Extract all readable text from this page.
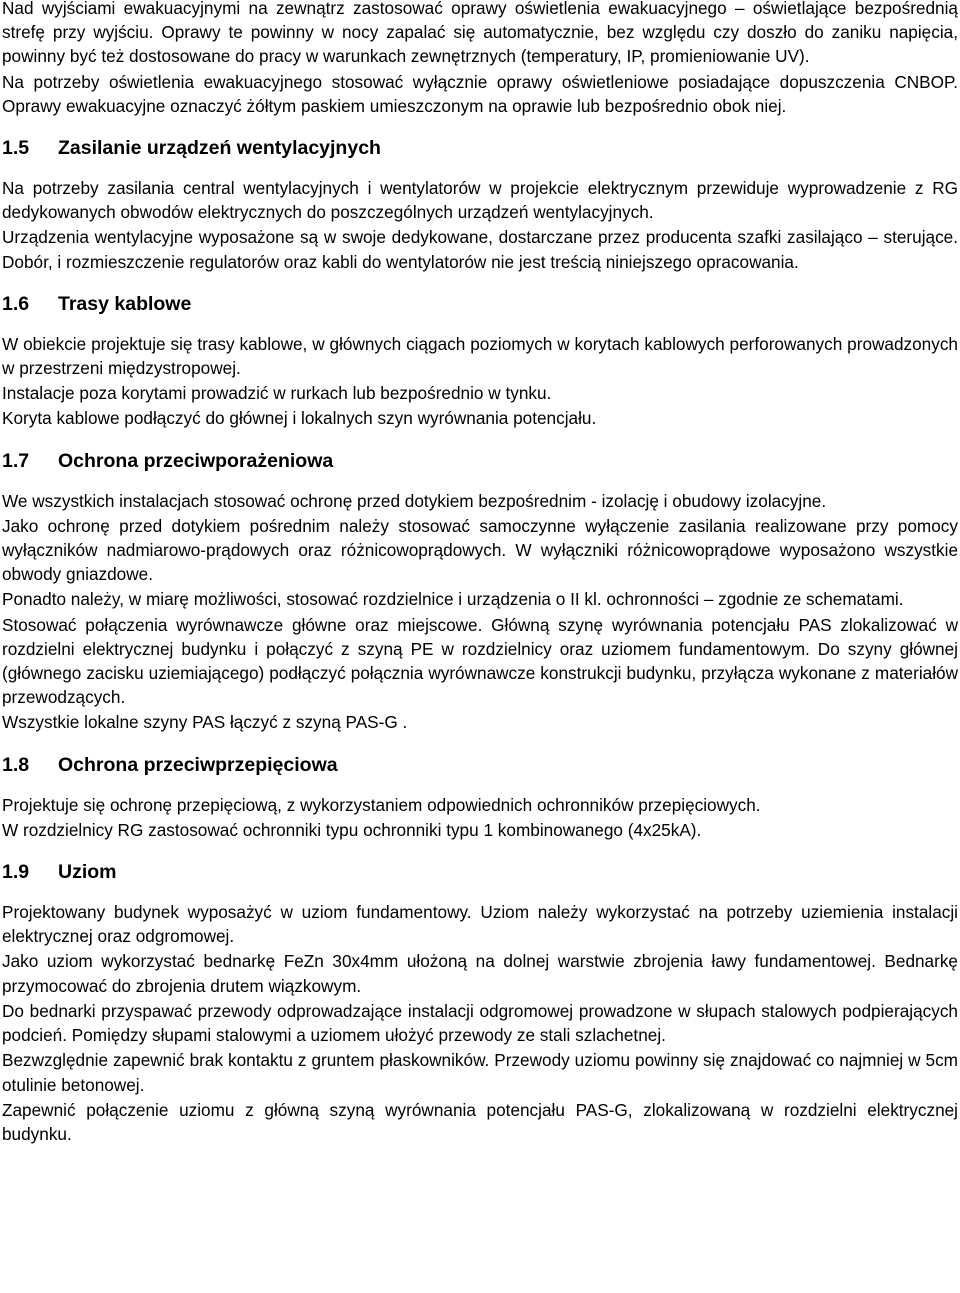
Nad wyjściami ewakuacyjnymi na zewnątrz zastosować oprawy oświetlenia ewakuacyjnego – oświetlające bezpośrednią strefę przy wyjściu. Oprawy te powinny w nocy zapalać się automatycznie, bez względu czy doszło do zaniku napięcia, powinny być też dostosowane do pracy w warunkach zewnętrznych (temperatury, IP, promieniowanie UV).

Na potrzeby oświetlenia ewakuacyjnego stosować wyłącznie oprawy oświetleniowe posiadające dopuszczenia CNBOP. Oprawy ewakuacyjne oznaczyć żółtym paskiem umieszczonym na oprawie lub bezpośrednio obok niej.

1.5	Zasilanie urządzeń wentylacyjnych

Na potrzeby zasilania central wentylacyjnych i wentylatorów w projekcie elektrycznym przewiduje wyprowadzenie z RG dedykowanych obwodów elektrycznych do poszczególnych urządzeń wentylacyjnych.

Urządzenia wentylacyjne wyposażone są w swoje dedykowane, dostarczane przez producenta szafki zasilająco – sterujące. Dobór, i rozmieszczenie regulatorów oraz kabli do wentylatorów nie jest treścią niniejszego opracowania.

1.6	Trasy kablowe

W obiekcie projektuje się trasy kablowe, w głównych ciągach poziomych w korytach kablowych perforowanych prowadzonych w przestrzeni międzystropowej.

Instalacje poza korytami prowadzić w rurkach lub bezpośrednio w tynku.

Koryta kablowe podłączyć do głównej i lokalnych szyn wyrównania potencjału.

1.7	Ochrona przeciwporażeniowa

We wszystkich instalacjach stosować ochronę przed dotykiem bezpośrednim - izolację i obudowy izolacyjne.

Jako ochronę przed dotykiem pośrednim należy stosować samoczynne wyłączenie zasilania realizowane przy pomocy wyłączników nadmiarowo-prądowych oraz różnicowoprądowych. W wyłączniki różnicowoprądowe wyposażono wszystkie obwody gniazdowe.

Ponadto należy, w miarę możliwości, stosować rozdzielnice i urządzenia o II kl. ochronności – zgodnie ze schematami.

Stosować połączenia wyrównawcze główne oraz miejscowe. Główną szynę wyrównania potencjału PAS zlokalizować w rozdzielni elektrycznej budynku i połączyć z szyną PE w rozdzielnicy oraz uziomem fundamentowym. Do szyny głównej (głównego zacisku uziemiającego) podłączyć połącznia wyrównawcze konstrukcji budynku, przyłącza wykonane z materiałów przewodzących.

Wszystkie lokalne szyny PAS łączyć z szyną PAS-G .

1.8	Ochrona przeciwprzepięciowa

Projektuje się ochronę przepięciową, z wykorzystaniem odpowiednich ochronników przepięciowych.

W rozdzielnicy RG zastosować ochronniki typu ochronniki typu 1 kombinowanego (4x25kA).

1.9	Uziom

Projektowany budynek wyposażyć w uziom fundamentowy. Uziom należy wykorzystać na potrzeby uziemienia instalacji elektrycznej oraz odgromowej.

Jako uziom wykorzystać bednarkę FeZn 30x4mm ułożoną na dolnej warstwie zbrojenia ławy fundamentowej. Bednarkę przymocować do zbrojenia drutem wiązkowym.

Do bednarki przyspawać przewody odprowadzające instalacji odgromowej prowadzone w słupach stalowych podpierających podcień. Pomiędzy słupami stalowymi a uziomem ułożyć przewody ze stali szlachetnej.

Bezwzględnie zapewnić brak kontaktu z gruntem płaskowników. Przewody uziomu powinny się znajdować co najmniej w 5cm otulinie betonowej.

Zapewnić połączenie uziomu z główną szyną wyrównania potencjału PAS-G, zlokalizowaną w rozdzielni elektrycznej budynku.
